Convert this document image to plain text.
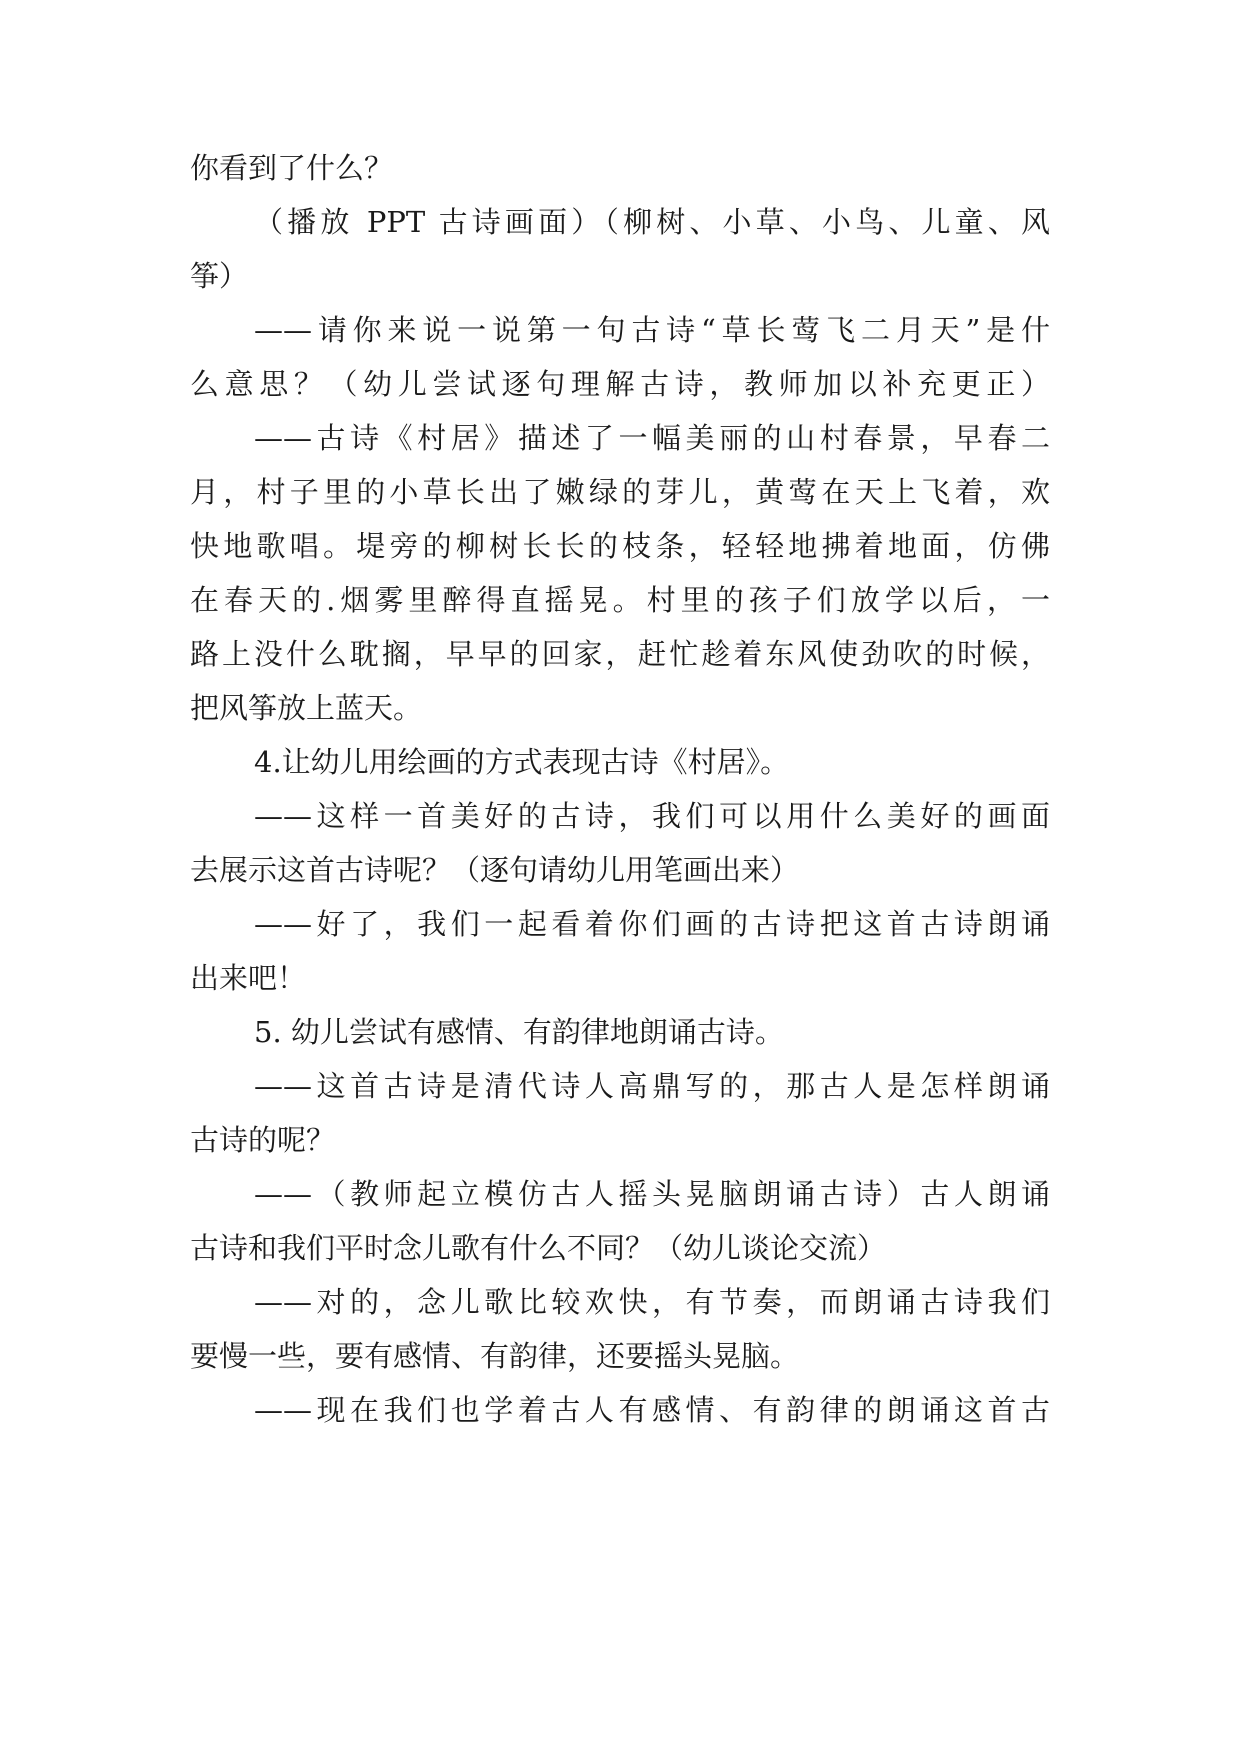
你看到了什么？
（播放 PPT 古诗画面）（柳树、小草、小鸟、儿童、风
筝）
——请你来说一说第一句古诗“草长莺飞二月天”是什
么意思？（幼儿尝试逐句理解古诗，教师加以补充更正）
——古诗《村居》描述了一幅美丽的山村春景，早春二
月，村子里的小草长出了嫩绿的芽儿，黄莺在天上飞着，欢
快地歌唱。堤旁的柳树长长的枝条，轻轻地拂着地面，仿佛
在春天的.烟雾里醉得直摇晃。村里的孩子们放学以后，一
路上没什么耽搁，早早的回家，赶忙趁着东风使劲吹的时候，
把风筝放上蓝天。
4.让幼儿用绘画的方式表现古诗《村居》。
——这样一首美好的古诗，我们可以用什么美好的画面
去展示这首古诗呢？（逐句请幼儿用笔画出来）
——好了，我们一起看着你们画的古诗把这首古诗朗诵
出来吧！
5. 幼儿尝试有感情、有韵律地朗诵古诗。
——这首古诗是清代诗人高鼎写的，那古人是怎样朗诵
古诗的呢？
——（教师起立模仿古人摇头晃脑朗诵古诗）古人朗诵
古诗和我们平时念儿歌有什么不同？（幼儿谈论交流）
——对的，念儿歌比较欢快，有节奏，而朗诵古诗我们
要慢一些，要有感情、有韵律，还要摇头晃脑。
——现在我们也学着古人有感情、有韵律的朗诵这首古
